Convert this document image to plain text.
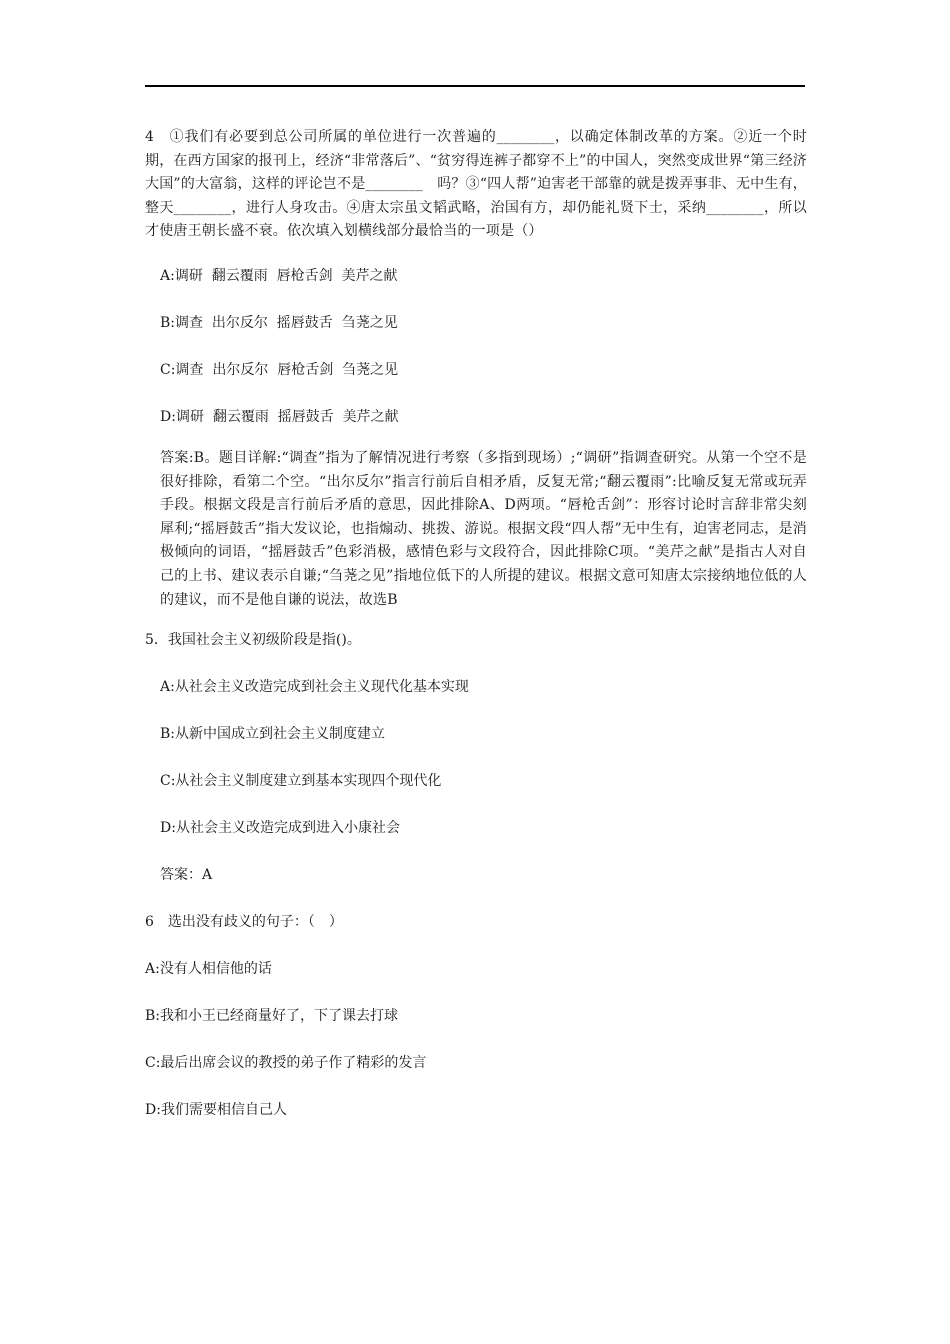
4　①我们有必要到总公司所属的单位进行一次普遍的________，以确定体制改革的方案。②近一个时期，在西方国家的报刊上，经济“非常落后”、“贫穷得连裤子都穿不上”的中国人，突然变成世界“第三经济大国”的大富翁，这样的评论岂不是________　吗？③“四人帮”迫害老干部靠的就是拨弄事非、无中生有，整天________，进行人身攻击。④唐太宗虽文韬武略，治国有方，却仍能礼贤下士，采纳________，所以才使唐王朝长盛不衰。依次填入划横线部分最恰当的一项是（）

A:调研  翻云覆雨  唇枪舌剑  美芹之献

B:调查  出尔反尔  摇唇鼓舌  刍荛之见

C:调查  出尔反尔  唇枪舌剑  刍荛之见

D:调研  翻云覆雨  摇唇鼓舌  美芹之献

答案:B。题目详解:“调查”指为了解情况进行考察（多指到现场）;“调研”指调查研究。从第一个空不是很好排除，看第二个空。“出尔反尔”指言行前后自相矛盾，反复无常;“翻云覆雨”:比喻反复无常或玩弄手段。根据文段是言行前后矛盾的意思，因此排除A、D两项。“唇枪舌剑”：形容讨论时言辞非常尖刻犀利;“摇唇鼓舌”指大发议论，也指煽动、挑拨、游说。根据文段“四人帮”无中生有，迫害老同志，是消极倾向的词语，“摇唇鼓舌”色彩消极，感情色彩与文段符合，因此排除C项。“美芹之献”是指古人对自己的上书、建议表示自谦;“刍荛之见”指地位低下的人所提的建议。根据文意可知唐太宗接纳地位低的人的建议，而不是他自谦的说法，故选B

5．我国社会主义初级阶段是指()。

A:从社会主义改造完成到社会主义现代化基本实现

B:从新中国成立到社会主义制度建立

C:从社会主义制度建立到基本实现四个现代化

D:从社会主义改造完成到进入小康社会

答案：A

6　选出没有歧义的句子：（　）

A:没有人相信他的话

B:我和小王已经商量好了，下了课去打球

C:最后出席会议的教授的弟子作了精彩的发言

D:我们需要相信自己人
